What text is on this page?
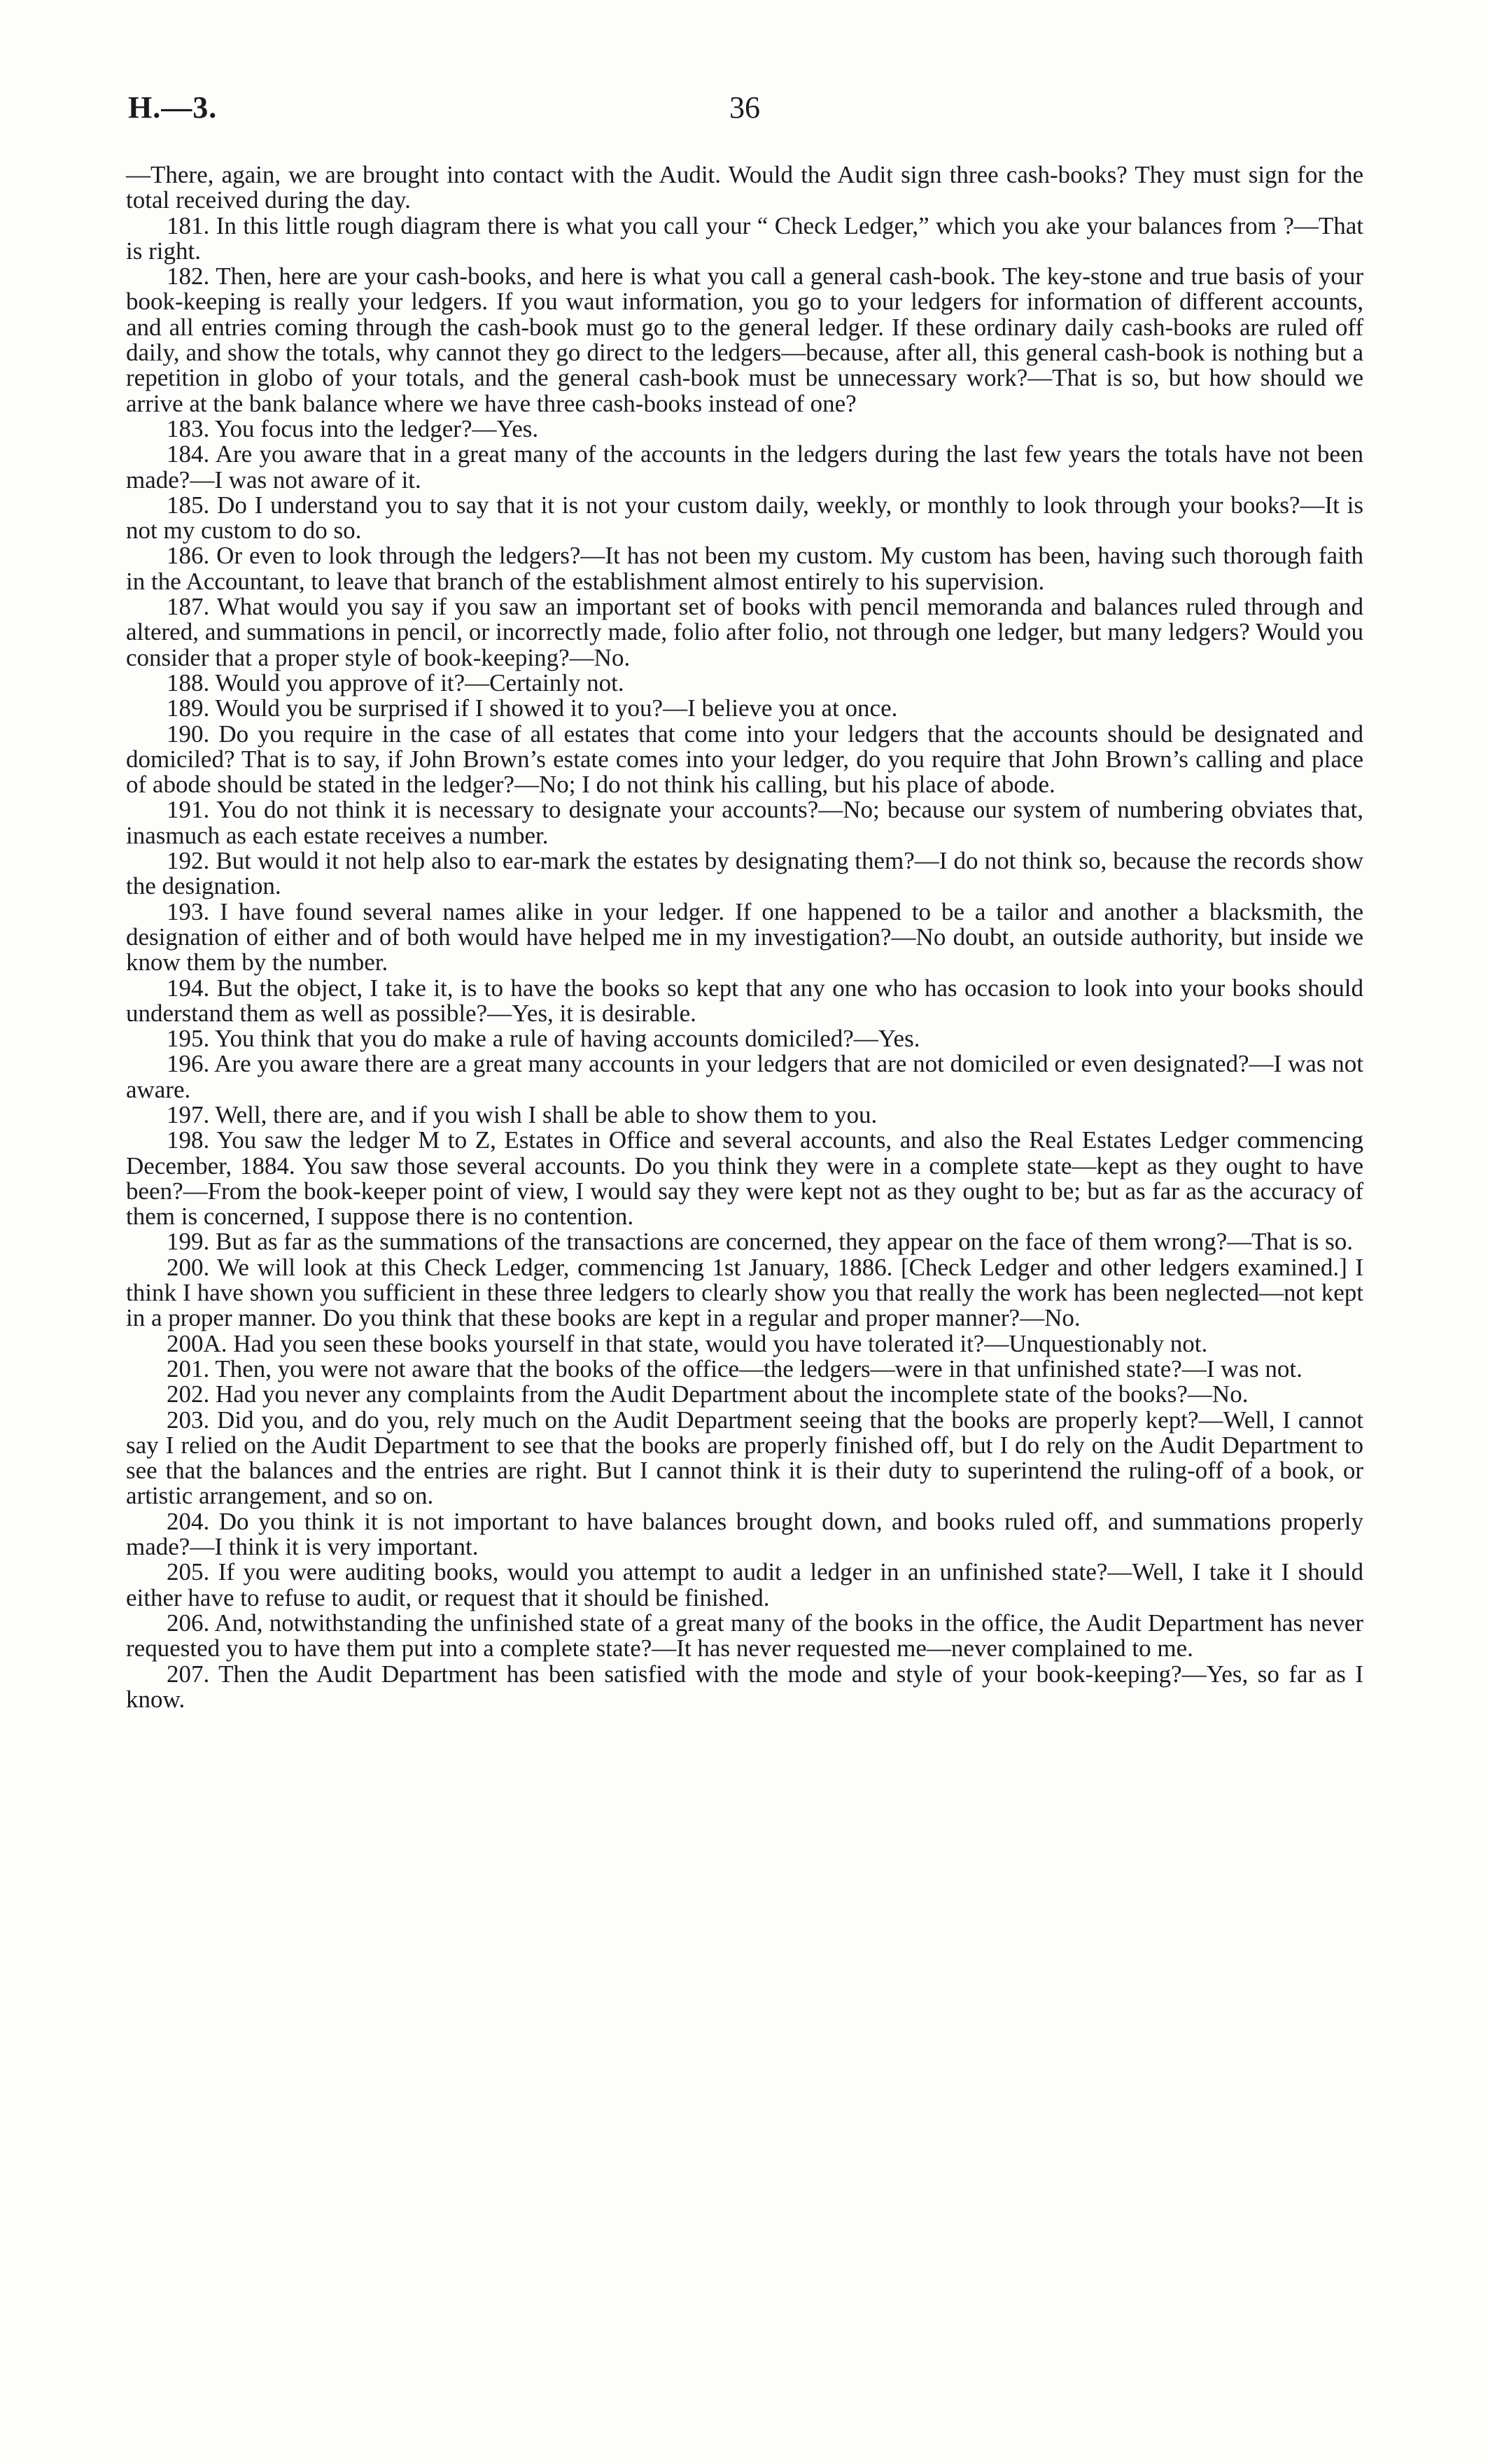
H.—3.	36

—There, again, we are brought into contact with the Audit. Would the Audit sign three cash-books? They must sign for the total received during the day.

181. In this little rough diagram there is what you call your “ Check Ledger,” which you ake your balances from ?—That is right.

182. Then, here are your cash-books, and here is what you call a general cash-book. The key-stone and true basis of your book-keeping is really your ledgers. If you waut information, you go to your ledgers for information of different accounts, and all entries coming through the cash-book must go to the general ledger. If these ordinary daily cash-books are ruled off daily, and show the totals, why cannot they go direct to the ledgers—because, after all, this general cash-book is nothing but a repetition in globo of your totals, and the general cash-book must be unnecessary work?—That is so, but how should we arrive at the bank balance where we have three cash-books instead of one?

183. You focus into the ledger?—Yes.

184. Are you aware that in a great many of the accounts in the ledgers during the last few years the totals have not been made?—I was not aware of it.

185. Do I understand you to say that it is not your custom daily, weekly, or monthly to look through your books?—It is not my custom to do so.

186. Or even to look through the ledgers?—It has not been my custom. My custom has been, having such thorough faith in the Accountant, to leave that branch of the establishment almost entirely to his supervision.

187. What would you say if you saw an important set of books with pencil memoranda and balances ruled through and altered, and summations in pencil, or incorrectly made, folio after folio, not through one ledger, but many ledgers? Would you consider that a proper style of book-keeping?—No.

188. Would you approve of it?—Certainly not.

189. Would you be surprised if I showed it to you?—I believe you at once.

190. Do you require in the case of all estates that come into your ledgers that the accounts should be designated and domiciled? That is to say, if John Brown’s estate comes into your ledger, do you require that John Brown’s calling and place of abode should be stated in the ledger?—No; I do not think his calling, but his place of abode.

191. You do not think it is necessary to designate your accounts?—No; because our system of numbering obviates that, inasmuch as each estate receives a number.

192. But would it not help also to ear-mark the estates by designating them?—I do not think so, because the records show the designation.

193. I have found several names alike in your ledger. If one happened to be a tailor and another a blacksmith, the designation of either and of both would have helped me in my investigation?—No doubt, an outside authority, but inside we know them by the number.

194. But the object, I take it, is to have the books so kept that any one who has occasion to look into your books should understand them as well as possible?—Yes, it is desirable.

195. You think that you do make a rule of having accounts domiciled?—Yes.

196. Are you aware there are a great many accounts in your ledgers that are not domiciled or even designated?—I was not aware.

197. Well, there are, and if you wish I shall be able to show them to you.

198. You saw the ledger M to Z, Estates in Office and several accounts, and also the Real Estates Ledger commencing December, 1884. You saw those several accounts. Do you think they were in a complete state—kept as they ought to have been?—From the book-keeper point of view, I would say they were kept not as they ought to be; but as far as the accuracy of them is concerned, I suppose there is no contention.

199. But as far as the summations of the transactions are concerned, they appear on the face of them wrong?—That is so.

200. We will look at this Check Ledger, commencing 1st January, 1886. [Check Ledger and other ledgers examined.] I think I have shown you sufficient in these three ledgers to clearly show you that really the work has been neglected—not kept in a proper manner. Do you think that these books are kept in a regular and proper manner?—No.

200A. Had you seen these books yourself in that state, would you have tolerated it?—Unquestionably not.

201. Then, you were not aware that the books of the office—the ledgers—were in that unfinished state?—I was not.

202. Had you never any complaints from the Audit Department about the incomplete state of the books?—No.

203. Did you, and do you, rely much on the Audit Department seeing that the books are properly kept?—Well, I cannot say I relied on the Audit Department to see that the books are properly finished off, but I do rely on the Audit Department to see that the balances and the entries are right. But I cannot think it is their duty to superintend the ruling-off of a book, or artistic arrangement, and so on.

204. Do you think it is not important to have balances brought down, and books ruled off, and summations properly made?—I think it is very important.

205. If you were auditing books, would you attempt to audit a ledger in an unfinished state?—Well, I take it I should either have to refuse to audit, or request that it should be finished.

206. And, notwithstanding the unfinished state of a great many of the books in the office, the Audit Department has never requested you to have them put into a complete state?—It has never requested me—never complained to me.

207. Then the Audit Department has been satisfied with the mode and style of your book-keeping?—Yes, so far as I know.
